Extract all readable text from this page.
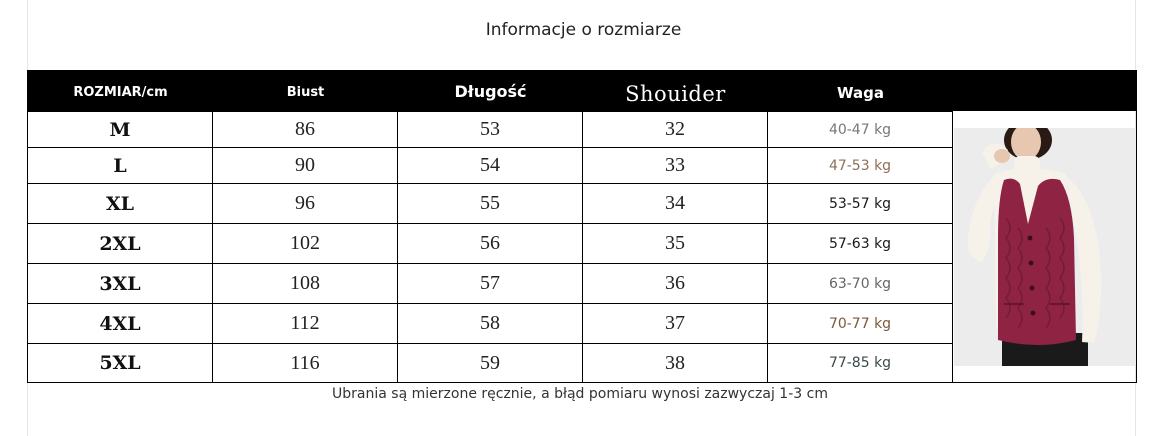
Informacje o rozmiarze
ROZMIAR/cm	Biust	Długość	Shouider	Waga
M	86	53	32	40-47 kg
L	90	54	33	47-53 kg
XL	96	55	34	53-57 kg
2XL	102	56	35	57-63 kg
3XL	108	57	36	63-70 kg
4XL	112	58	37	70-77 kg
5XL	116	59	38	77-85 kg
Ubrania są mierzone ręcznie, a błąd pomiaru wynosi zazwyczaj 1-3 cm
